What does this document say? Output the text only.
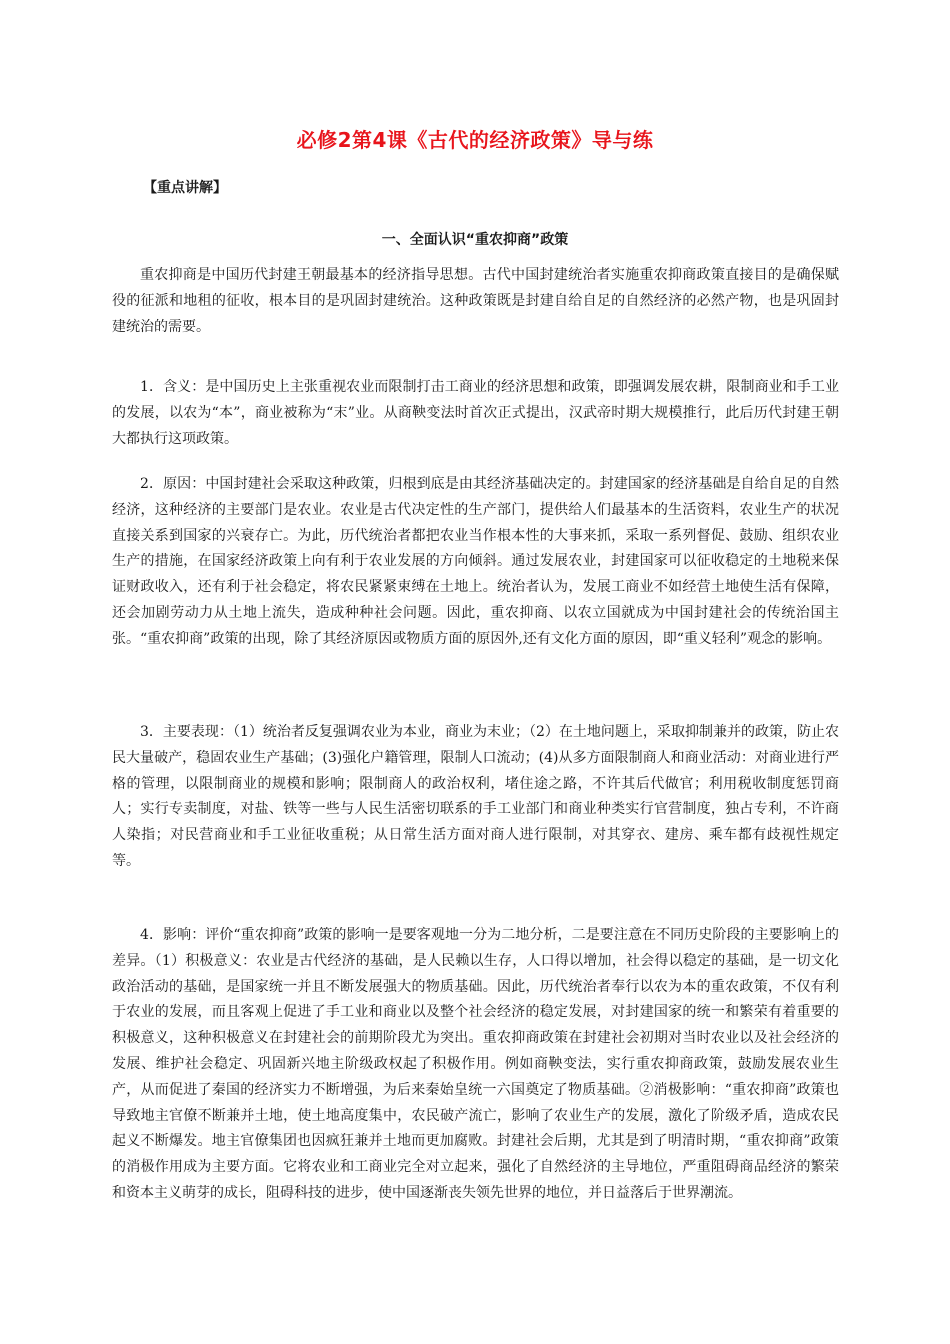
必修2第4课《古代的经济政策》导与练
【重点讲解】
一、全面认识“重农抑商”政策

重农抑商是中国历代封建王朝最基本的经济指导思想。古代中国封建统治者实施重农抑商政策直接目的是确保赋役的征派和地租的征收，根本目的是巩固封建统治。这种政策既是封建自给自足的自然经济的必然产物，也是巩固封建统治的需要。

1．含义：是中国历史上主张重视农业而限制打击工商业的经济思想和政策，即强调发展农耕，限制商业和手工业的发展，以农为“本”，商业被称为“末”业。从商鞅变法时首次正式提出，汉武帝时期大规模推行，此后历代封建王朝大都执行这项政策。

2．原因：中国封建社会采取这种政策，归根到底是由其经济基础决定的。封建国家的经济基础是自给自足的自然经济，这种经济的主要部门是农业。农业是古代决定性的生产部门，提供给人们最基本的生活资料，农业生产的状况直接关系到国家的兴衰存亡。为此，历代统治者都把农业当作根本性的大事来抓，采取一系列督促、鼓励、组织农业生产的措施，在国家经济政策上向有利于农业发展的方向倾斜。通过发展农业，封建国家可以征收稳定的土地税来保证财政收入，还有利于社会稳定，将农民紧紧束缚在土地上。统治者认为，发展工商业不如经营土地使生活有保障，还会加剧劳动力从土地上流失，造成种种社会问题。因此，重农抑商、以农立国就成为中国封建社会的传统治国主张。“重农抑商”政策的出现，除了其经济原因或物质方面的原因外,还有文化方面的原因，即“重义轻利”观念的影响。

3．主要表现：（1）统治者反复强调农业为本业，商业为末业；（2）在土地问题上，采取抑制兼并的政策，防止农民大量破产，稳固农业生产基础；(3)强化户籍管理，限制人口流动；(4)从多方面限制商人和商业活动：对商业进行严格的管理，以限制商业的规模和影响；限制商人的政治权利，堵住途之路，不许其后代做官；利用税收制度惩罚商人；实行专卖制度，对盐、铁等一些与人民生活密切联系的手工业部门和商业种类实行官营制度，独占专利，不许商人染指；对民营商业和手工业征收重税；从日常生活方面对商人进行限制，对其穿衣、建房、乘车都有歧视性规定等。

4．影响：评价“重农抑商”政策的影响一是要客观地一分为二地分析，二是要注意在不同历史阶段的主要影响上的差异。（1）积极意义：农业是古代经济的基础，是人民赖以生存，人口得以增加，社会得以稳定的基础，是一切文化政治活动的基础，是国家统一并且不断发展强大的物质基础。因此，历代统治者奉行以农为本的重农政策，不仅有利于农业的发展，而且客观上促进了手工业和商业以及整个社会经济的稳定发展，对封建国家的统一和繁荣有着重要的积极意义，这种积极意义在封建社会的前期阶段尤为突出。重农抑商政策在封建社会初期对当时农业以及社会经济的发展、维护社会稳定、巩固新兴地主阶级政权起了积极作用。例如商鞅变法，实行重农抑商政策，鼓励发展农业生产，从而促进了秦国的经济实力不断增强，为后来秦始皇统一六国奠定了物质基础。②消极影响：“重农抑商”政策也导致地主官僚不断兼并土地，使土地高度集中，农民破产流亡，影响了农业生产的发展，激化了阶级矛盾，造成农民起义不断爆发。地主官僚集团也因疯狂兼并土地而更加腐败。封建社会后期，尤其是到了明清时期，“重农抑商”政策的消极作用成为主要方面。它将农业和工商业完全对立起来，强化了自然经济的主导地位，严重阻碍商品经济的繁荣和资本主义萌芽的成长，阻碍科技的进步，使中国逐渐丧失领先世界的地位，并日益落后于世界潮流。
